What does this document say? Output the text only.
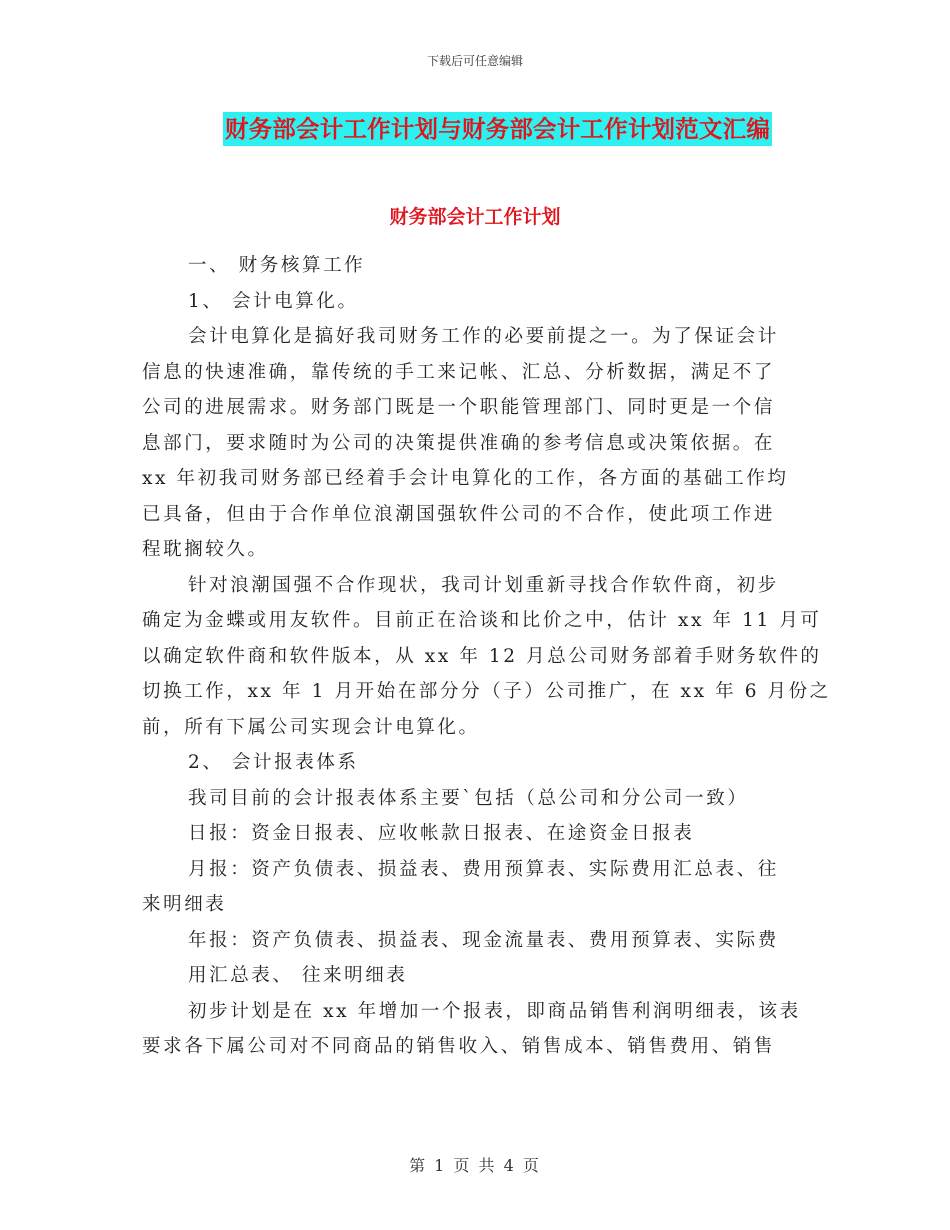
下载后可任意编辑
财务部会计工作计划与财务部会计工作计划范文汇编
财务部会计工作计划
一、 财务核算工作
1、 会计电算化。
会计电算化是搞好我司财务工作的必要前提之一。为了保证会计
信息的快速准确，靠传统的手工来记帐、汇总、分析数据，满足不了
公司的进展需求。财务部门既是一个职能管理部门、同时更是一个信
息部门，要求随时为公司的决策提供准确的参考信息或决策依据。在
xx 年初我司财务部已经着手会计电算化的工作，各方面的基础工作均
已具备，但由于合作单位浪潮国强软件公司的不合作，使此项工作进
程耽搁较久。
针对浪潮国强不合作现状，我司计划重新寻找合作软件商，初步
确定为金蝶或用友软件。目前正在洽谈和比价之中，估计 xx 年 11 月可
以确定软件商和软件版本，从 xx 年 12 月总公司财务部着手财务软件的
切换工作，xx 年 1 月开始在部分分（子）公司推广，在 xx 年 6 月份之
前，所有下属公司实现会计电算化。
2、 会计报表体系
我司目前的会计报表体系主要`包括（总公司和分公司一致）
日报：资金日报表、应收帐款日报表、在途资金日报表
月报：资产负债表、损益表、费用预算表、实际费用汇总表、往
来明细表
年报：资产负债表、损益表、现金流量表、费用预算表、实际费
用汇总表、 往来明细表
初步计划是在 xx 年增加一个报表，即商品销售利润明细表，该表
要求各下属公司对不同商品的销售收入、销售成本、销售费用、销售
第 1 页 共 4 页
